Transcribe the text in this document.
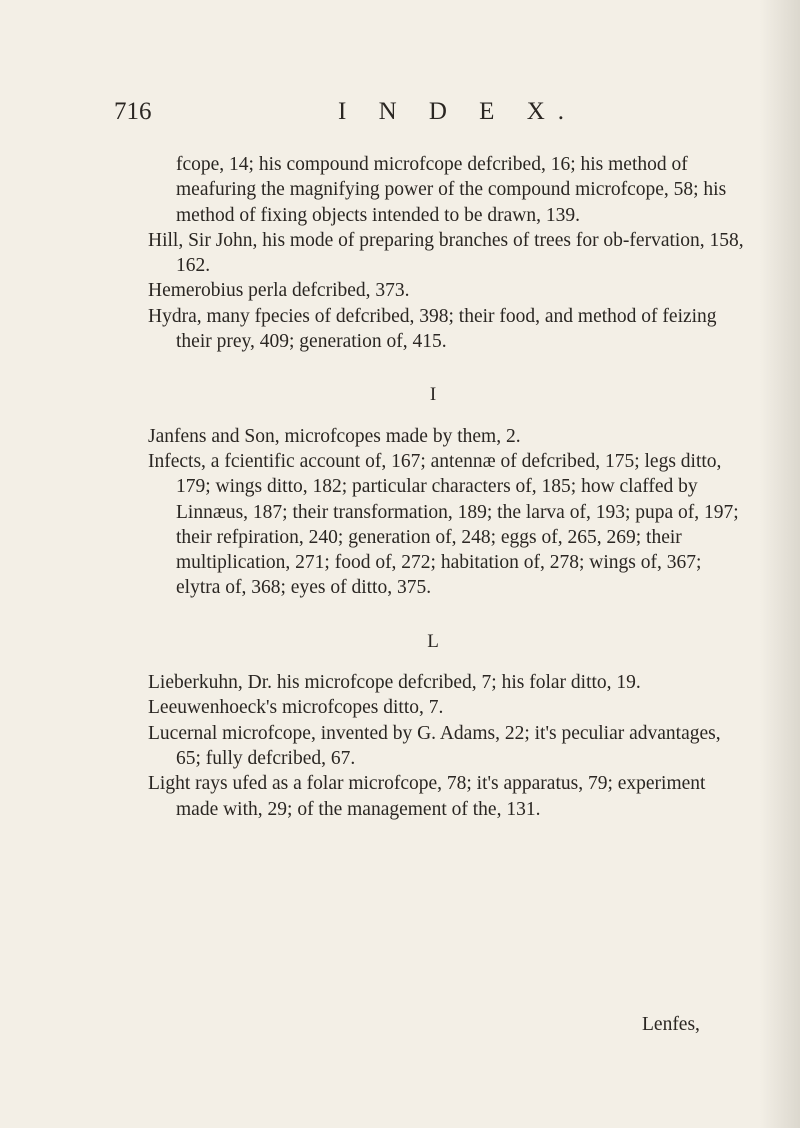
716	I N D E X.

fcope, 14; his compound microfcope defcribed, 16; his method of meafuring the magnifying power of the compound microfcope, 58; his method of fixing objects intended to be drawn, 139.

Hill, Sir John, his mode of preparing branches of trees for ob-fervation, 158, 162.

Hemerobius perla defcribed, 373.

Hydra, many fpecies of defcribed, 398; their food, and method of feizing their prey, 409; generation of, 415.

I

Janfens and Son, microfcopes made by them, 2.

Infects, a fcientific account of, 167; antennæ of defcribed, 175; legs ditto, 179; wings ditto, 182; particular characters of, 185; how claffed by Linnæus, 187; their transformation, 189; the larva of, 193; pupa of, 197; their refpiration, 240; generation of, 248; eggs of, 265, 269; their multiplication, 271; food of, 272; habitation of, 278; wings of, 367; elytra of, 368; eyes of ditto, 375.

L

Lieberkuhn, Dr. his microfcope defcribed, 7; his folar ditto, 19.

Leeuwenhoeck's microfcopes ditto, 7.

Lucernal microfcope, invented by G. Adams, 22; it's peculiar advantages, 65; fully defcribed, 67.

Light rays ufed as a folar microfcope, 78; it's apparatus, 79; experiment made with, 29; of the management of the, 131.

Lenfes,
